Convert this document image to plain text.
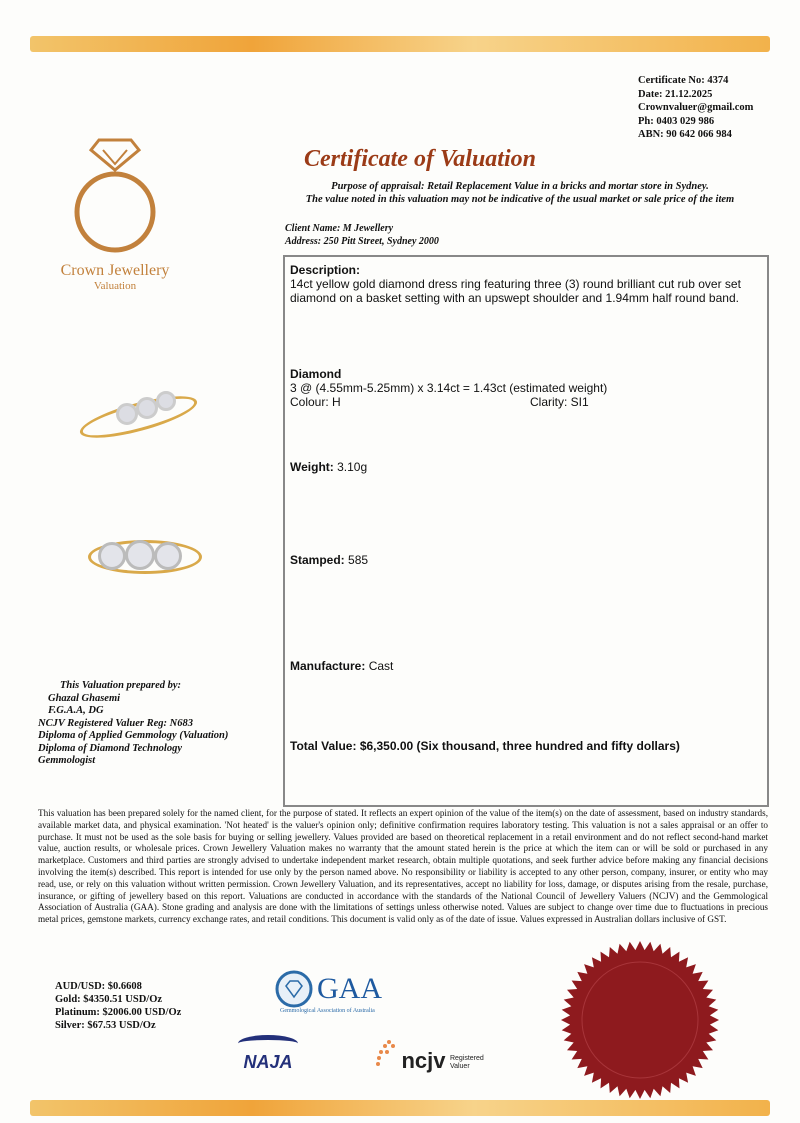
Certificate No: 4374
Date: 21.12.2025
Crownvaluer@gmail.com
Ph: 0403 029 986
ABN: 90 642 066 984
Crown Jewellery
Valuation
Certificate of Valuation
Purpose of appraisal: Retail Replacement Value in a bricks and mortar store in Sydney.
The value noted in this valuation may not be indicative of the usual market or sale price of the item
Client Name: M Jewellery
Address: 250 Pitt Street, Sydney 2000
Description:
14ct yellow gold diamond dress ring featuring three (3) round brilliant cut rub over set diamond on a basket setting with an upswept shoulder and 1.94mm half round band.
Diamond
3 @ (4.55mm-5.25mm) x 3.14ct = 1.43ct (estimated weight)
Colour: H	Clarity: SI1
Weight: 3.10g
Stamped: 585
Manufacture: Cast
Total Value: $6,350.00 (Six thousand, three hundred and fifty dollars)
This Valuation prepared by:
Ghazal Ghasemi
F.G.A.A, DG
NCJV Registered Valuer Reg: N683
Diploma of Applied Gemmology (Valuation)
Diploma of Diamond Technology
Gemmologist
This valuation has been prepared solely for the named client, for the purpose of stated. It reflects an expert opinion of the value of the item(s) on the date of assessment, based on industry standards, available market data, and physical examination. 'Not heated' is the valuer's opinion only; definitive confirmation requires laboratory testing. This valuation is not a sales appraisal or an offer to purchase. It must not be used as the sole basis for buying or selling jewellery. Values provided are based on theoretical replacement in a retail environment and do not reflect second-hand market value, auction results, or wholesale prices. Crown Jewellery Valuation makes no warranty that the amount stated herein is the price at which the item can or will be sold or purchased in any marketplace. Customers and third parties are strongly advised to undertake independent market research, obtain multiple quotations, and seek further advice before making any financial decisions involving the item(s) described. This report is intended for use only by the person named above. No responsibility or liability is accepted to any other person, company, insurer, or entity who may read, use, or rely on this valuation without written permission. Crown Jewellery Valuation, and its representatives, accept no liability for loss, damage, or disputes arising from the resale, purchase, insurance, or gifting of jewellery based on this report. Valuations are conducted in accordance with the standards of the National Council of Jewellery Valuers (NCJV) and the Gemmological Association of Australia (GAA). Stone grading and analysis are done with the limitations of settings unless otherwise noted. Values are subject to change over time due to fluctuations in precious metal prices, gemstone markets, currency exchange rates, and retail conditions. This document is valid only as of the date of issue. Values expressed in Australian dollars inclusive of GST.
AUD/USD: $0.6608
Gold: $4350.51 USD/Oz
Platinum: $2006.00 USD/Oz
Silver: $67.53 USD/Oz
GAA
Gemmological Association of Australia
NAJA	ncjv Registered
Valuer
